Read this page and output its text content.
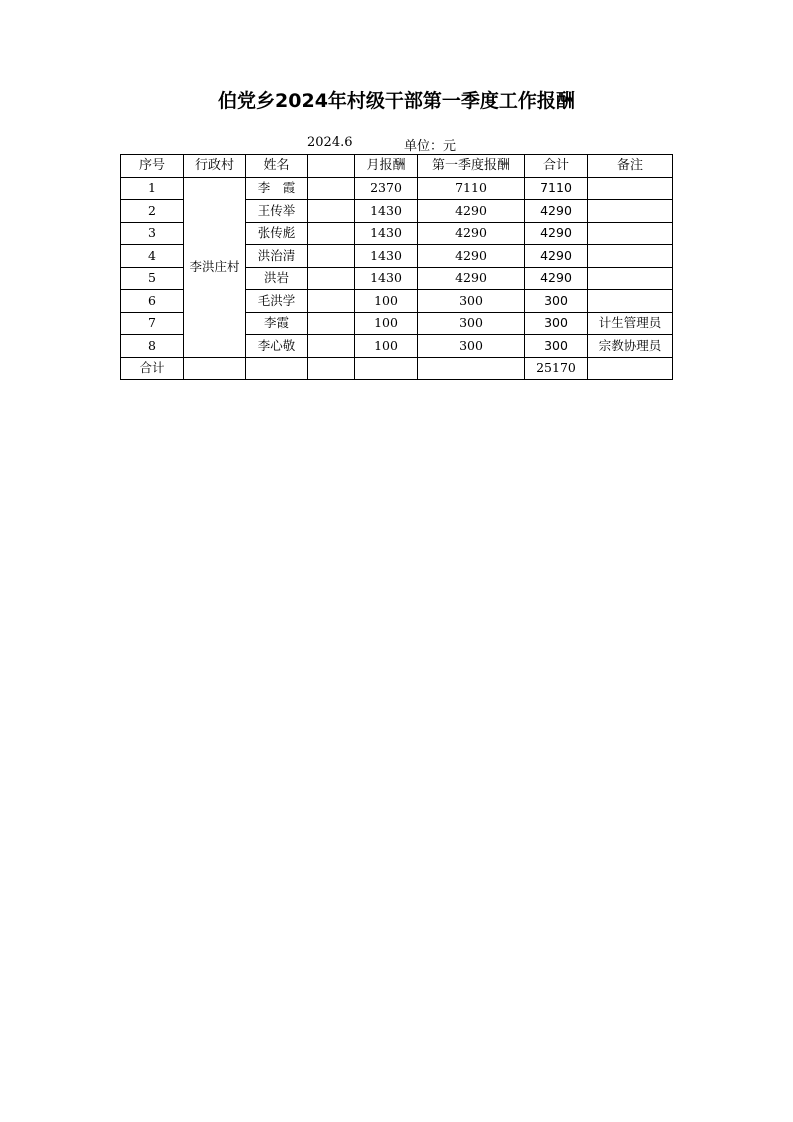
伯党乡2024年村级干部第一季度工作报酬
2024.6	单位：元
序号	行政村	姓名		月报酬	第一季度报酬	合计	备注
1	李洪庄村	李　霞		2370	7110	7110	
2		王传举		1430	4290	4290	
3		张传彪		1430	4290	4290	
4		洪治清		1430	4290	4290	
5		洪岩		1430	4290	4290	
6		毛洪学		100	300	300	
7		李霞		100	300	300	计生管理员
8		李心敬		100	300	300	宗教协理员
合计						25170	
